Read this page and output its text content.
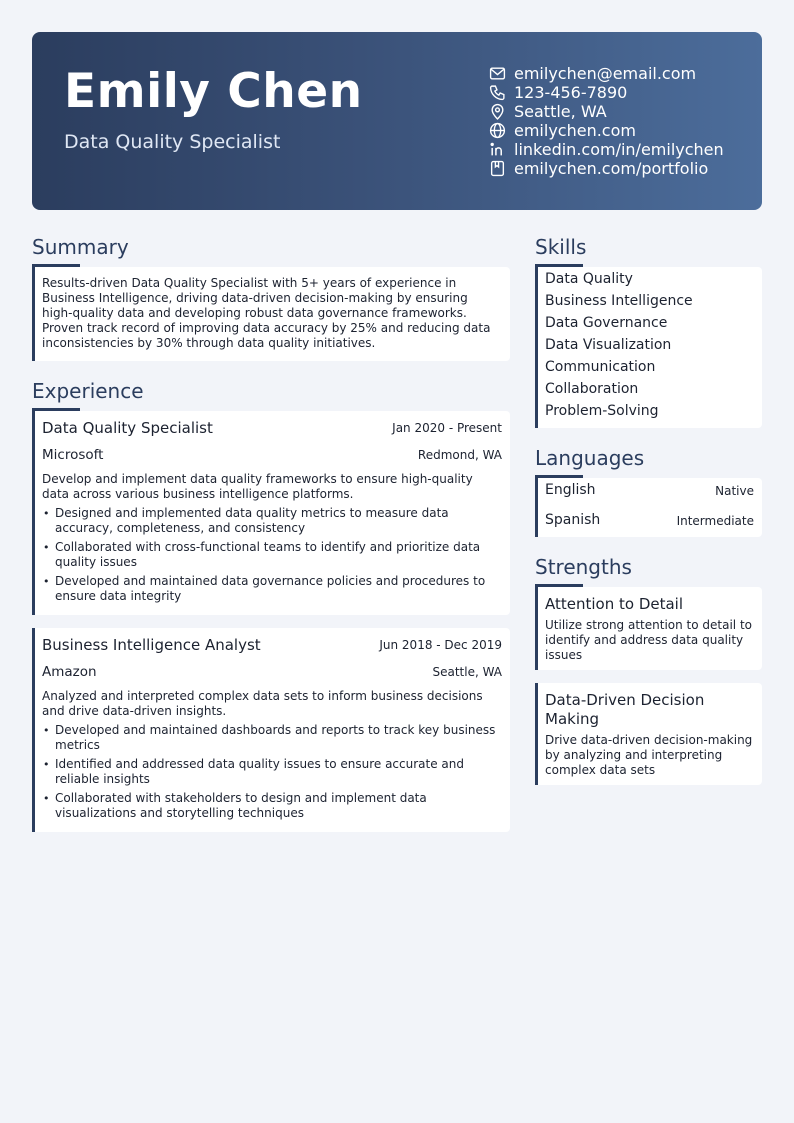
Emily Chen
Data Quality Specialist
emilychen@email.com
123-456-7890
Seattle, WA
emilychen.com
linkedin.com/in/emilychen
emilychen.com/portfolio
Summary
Results-driven Data Quality Specialist with 5+ years of experience in Business Intelligence, driving data-driven decision-making by ensuring high-quality data and developing robust data governance frameworks. Proven track record of improving data accuracy by 25% and reducing data inconsistencies by 30% through data quality initiatives.
Experience
Data Quality Specialist	Jan 2020 - Present
Microsoft	Redmond, WA
Develop and implement data quality frameworks to ensure high-quality data across various business intelligence platforms.
• Designed and implemented data quality metrics to measure data accuracy, completeness, and consistency
• Collaborated with cross-functional teams to identify and prioritize data quality issues
• Developed and maintained data governance policies and procedures to ensure data integrity
Business Intelligence Analyst	Jun 2018 - Dec 2019
Amazon	Seattle, WA
Analyzed and interpreted complex data sets to inform business decisions and drive data-driven insights.
• Developed and maintained dashboards and reports to track key business metrics
• Identified and addressed data quality issues to ensure accurate and reliable insights
• Collaborated with stakeholders to design and implement data visualizations and storytelling techniques
Skills
Data Quality
Business Intelligence
Data Governance
Data Visualization
Communication
Collaboration
Problem-Solving
Languages
English	Native
Spanish	Intermediate
Strengths
Attention to Detail
Utilize strong attention to detail to identify and address data quality issues
Data-Driven Decision Making
Drive data-driven decision-making by analyzing and interpreting complex data sets
